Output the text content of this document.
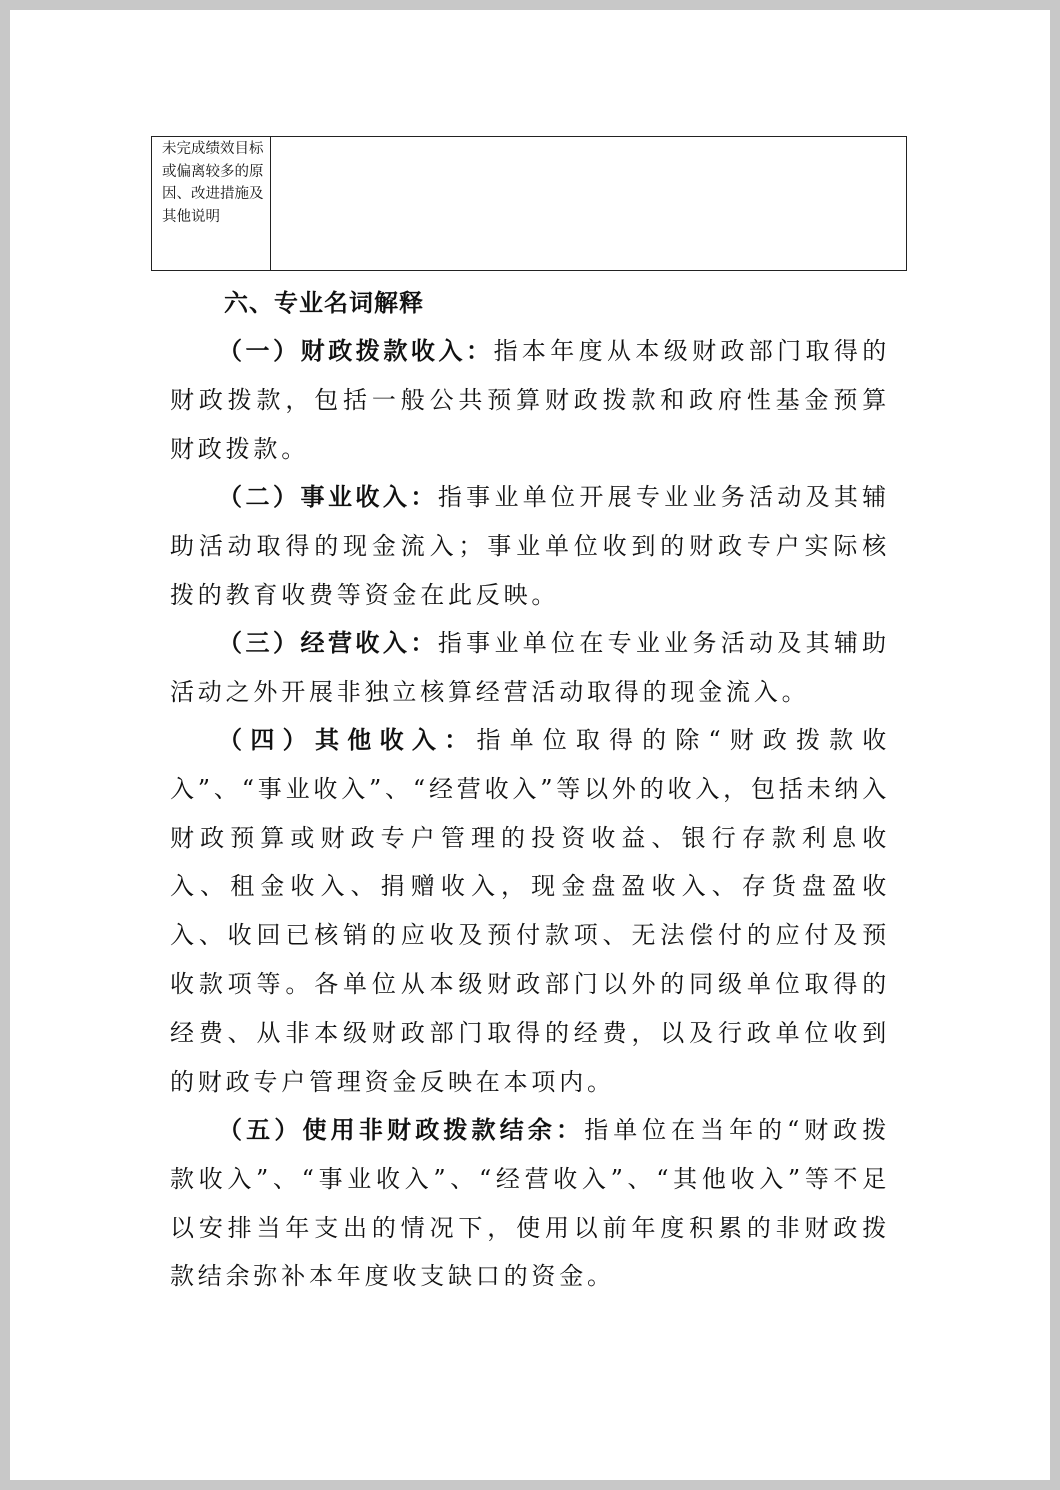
未完成绩效目标或偏离较多的原因、改进措施及其他说明
六、专业名词解释

（一）财政拨款收入：指本年度从本级财政部门取得的财政拨款，包括一般公共预算财政拨款和政府性基金预算财政拨款。

（二）事业收入：指事业单位开展专业业务活动及其辅助活动取得的现金流入；事业单位收到的财政专户实际核拨的教育收费等资金在此反映。

（三）经营收入：指事业单位在专业业务活动及其辅助活动之外开展非独立核算经营活动取得的现金流入。

（四）其他收入：指单位取得的除“财政拨款收入”、“事业收入”、“经营收入”等以外的收入，包括未纳入财政预算或财政专户管理的投资收益、银行存款利息收入、租金收入、捐赠收入，现金盘盈收入、存货盘盈收入、收回已核销的应收及预付款项、无法偿付的应付及预收款项等。各单位从本级财政部门以外的同级单位取得的经费、从非本级财政部门取得的经费，以及行政单位收到的财政专户管理资金反映在本项内。

（五）使用非财政拨款结余：指单位在当年的“财政拨款收入”、“事业收入”、“经营收入”、“其他收入”等不足以安排当年支出的情况下，使用以前年度积累的非财政拨款结余弥补本年度收支缺口的资金。
